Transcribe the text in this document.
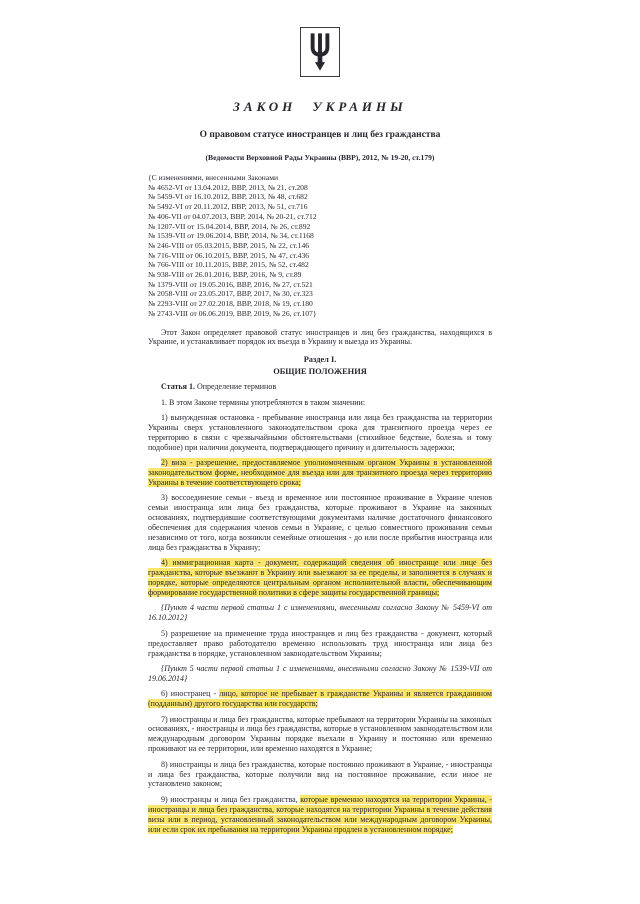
ЗАКОН УКРАИНЫ
О правовом статусе иностранцев и лиц без гражданства
(Ведомости Верховной Рады Украины (ВВР), 2012, № 19-20, ст.179)
{С изменениями, внесенными Законами
№ 4652-VI от 13.04.2012, ВВР, 2013, № 21, ст.208
№ 5459-VI от 16.10.2012, ВВР, 2013, № 48, ст.682
№ 5492-VI от 20.11.2012, ВВР, 2013, № 51, ст.716
№ 406-VII от 04.07.2013, ВВР, 2014, № 20-21, ст.712
№ 1207-VII от 15.04.2014, ВВР, 2014, № 26, ст.892
№ 1539-VII от 19.06.2014, ВВР, 2014, № 34, ст.1168
№ 246-VIII от 05.03.2015, ВВР, 2015, № 22, ст.146
№ 716-VIII от 06.10.2015, ВВР, 2015, № 47, ст.436
№ 766-VIII от 10.11.2015, ВВР, 2015, № 52, ст.482
№ 938-VIII от 26.01.2016, ВВР, 2016, № 9, ст.89
№ 1379-VIII от 19.05.2016, ВВР, 2016, № 27, ст.521
№ 2058-VIII от 23.05.2017, ВВР, 2017, № 30, ст.323
№ 2293-VIII от 27.02.2018, ВВР, 2018, № 19, ст.180
№ 2743-VIII от 06.06.2019, ВВР, 2019, № 26, ст.107}

Этот Закон определяет правовой статус иностранцев и лиц без гражданства, находящихся в Украине, и устанавливает порядок их въезда в Украину и выезда из Украины.

Раздел I.

ОБЩИЕ ПОЛОЖЕНИЯ

Статья 1. Определение терминов

1. В этом Законе термины употребляются в таком значении:

1) вынужденная остановка - пребывание иностранца или лица без гражданства на территории Украины сверх установленного законодательством срока для транзитного проезда через ее территорию в связи с чрезвычайными обстоятельствами (стихийное бедствие, болезнь и тому подобное) при наличии документа, подтверждающего причину и длительность задержки;

2) виза - разрешение, предоставляемое уполномоченным органом Украины в установленной законодательством форме, необходимое для въезда или для транзитного проезда через территорию Украины в течение соответствующего срока;

3) воссоединение семьи - въезд и временное или постоянное проживание в Украине членов семьи иностранца или лица без гражданства, которые проживают в Украине на законных основаниях, подтвердившие соответствующими документами наличие достаточного финансового обеспечения для содержания членов семьи в Украине, с целью совместного проживания семьи независимо от того, когда возникли семейные отношения - до или после прибытия иностранца или лица без гражданства в Украину;

4) иммиграционная карта - документ, содержащий сведения об иностранце или лице без гражданства, которые въезжают в Украину или выезжают за ее пределы, и заполняется в случаях и порядке, которые определяются центральным органом исполнительной власти, обеспечивающим формирование государственной политики в сфере защиты государственной границы;

{Пункт 4 части первой статьи 1 с изменениями, внесенными согласно Закону № 5459-VI от 16.10.2012}

5) разрешение на применение труда иностранцев и лиц без гражданства - документ, который предоставляет право работодателю временно использовать труд иностранца или лица без гражданства в порядке, установленном законодательством Украины;

{Пункт 5 части первой статьи 1 с изменениями, внесенными согласно Закону № 1539-VII от 19.06.2014}

6) иностранец - лицо, которое не пребывает в гражданстве Украины и является гражданином (подданным) другого государства или государств;

7) иностранцы и лица без гражданства, которые пребывают на территории Украины на законных основаниях, - иностранцы и лица без гражданства, которые в установленном законодательством или международным договором Украины порядке въехали в Украину и постоянно или временно проживают на ее территории, или временно находятся в Украине;

8) иностранцы и лица без гражданства, которые постоянно проживают в Украине, - иностранцы и лица без гражданства, которые получили вид на постоянное проживание, если иное не установлено законом;

9) иностранцы и лица без гражданства, которые временно находятся на территории Украины, - иностранцы и лица без гражданства, которые находятся на территории Украины в течение действия визы или в период, установленный законодательством или международным договором Украины, или если срок их пребывания на территории Украины продлен в установленном порядке;
